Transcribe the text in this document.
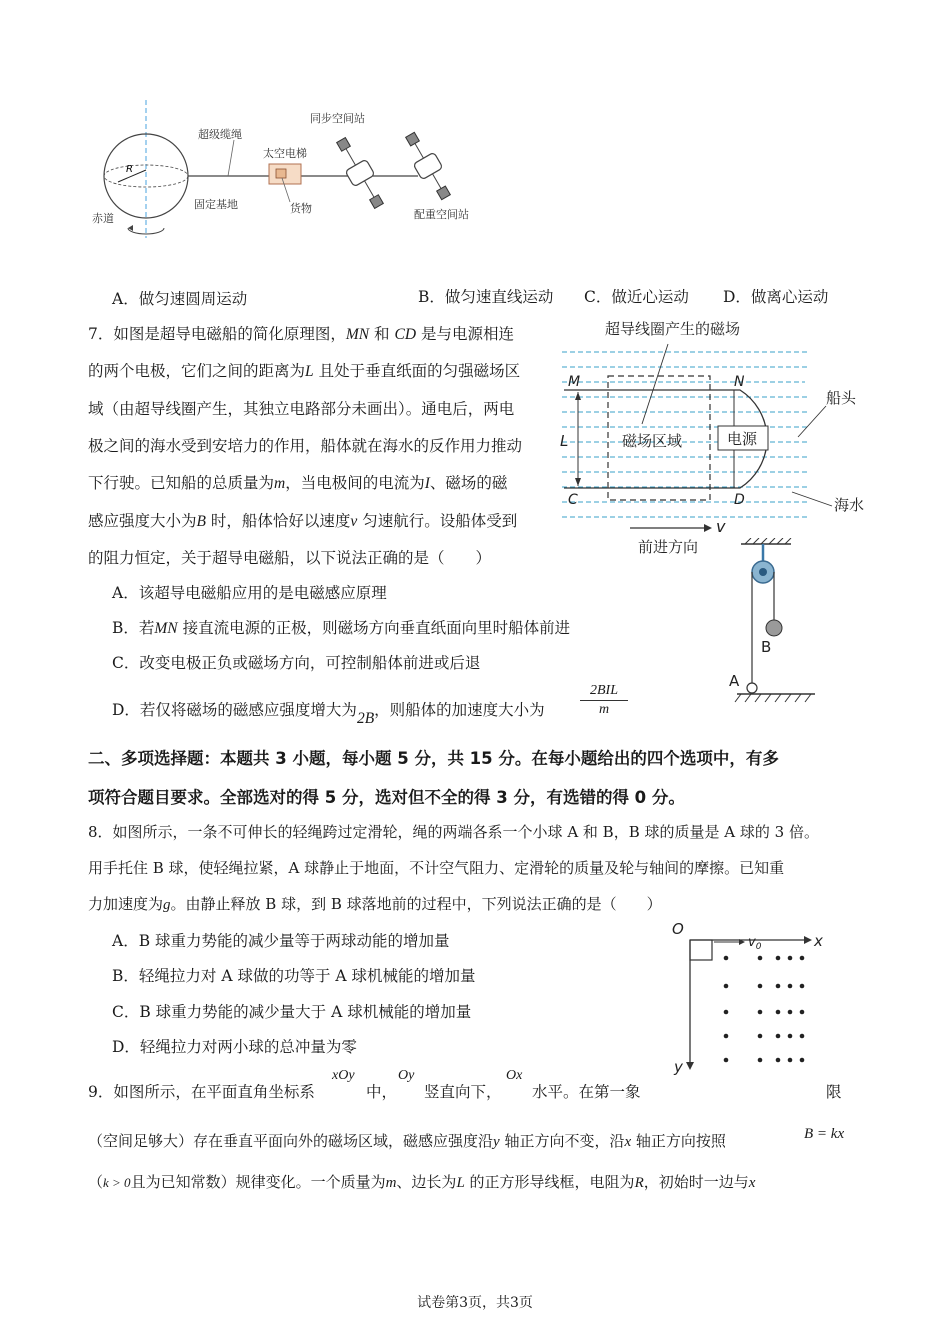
R
同步空间站
超级缆绳
太空电梯
赤道
固定基地	货物	配重空间站
A．做匀速圆周运动	B．做匀速直线运动 C．做近心运动 D．做离心运动
7．如图是超导电磁船的简化原理图，MN 和 CD 是与电源相连
的两个电极，它们之间的距离为L 且处于垂直纸面的匀强磁场区
域（由超导线圈产生，其独立电路部分未画出）。通电后，两电
极之间的海水受到安培力的作用，船体就在海水的反作用力推动
下行驶。已知船的总质量为m，当电极间的电流为I、磁场的磁
感应强度大小为B 时，船体恰好以速度v 匀速航行。设船体受到
的阻力恒定，关于超导电磁船，以下说法正确的是（　　）
A．该超导电磁船应用的是电磁感应原理
B．若MN 接直流电源的正极，则磁场方向垂直纸面向里时船体前进
C．改变电极正负或磁场方向，可控制船体前进或后退
D．若仅将磁场的磁感应强度增大为2B，则船体的加速度大小为
2BIL
m
超导线圈产生的磁场
电源
L
M	N
C	D
磁场区域
船头
海水
v
前进方向
B
A
二、多项选择题：本题共 3 小题，每小题 5 分，共 15 分。在每小题给出的四个选项中，有多
项符合题目要求。全部选对的得 5 分，选对但不全的得 3 分，有选错的得 0 分。
8．如图所示，一条不可伸长的轻绳跨过定滑轮，绳的两端各系一个小球 A 和 B，B 球的质量是 A 球的 3 倍。
用手托住 B 球，使轻绳拉紧，A 球静止于地面，不计空气阻力、定滑轮的质量及轮与轴间的摩擦。已知重
力加速度为g。由静止释放 B 球，到 B 球落地前的过程中，下列说法正确的是（　　）
A．B 球重力势能的减少量等于两球动能的增加量
B．轻绳拉力对 A 球做的功等于 A 球机械能的增加量
C．B 球重力势能的减少量大于 A 球机械能的增加量
D．轻绳拉力对两小球的总冲量为零
O
x
y
$v_0$
9．如图所示，在平面直角坐标系
xOy
中，
Oy
竖直向下，
Ox
水平。在第一象	限
（空间足够大）存在垂直平面向外的磁场区域，磁感应强度沿y 轴正方向不变，沿x 轴正方向按照	B = kx
（k > 0且为已知常数）规律变化。一个质量为m、边长为L 的正方形导线框，电阻为R，初始时一边与x
试卷第3页，共3页
